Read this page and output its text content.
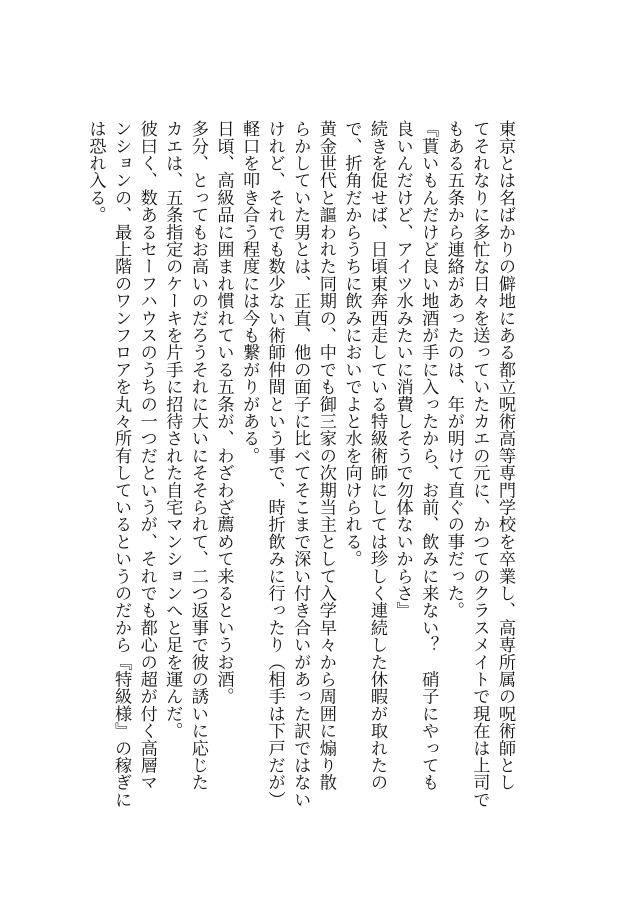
東京とは名ばかりの僻地にある都立呪術高等専門学校を卒業し、高専所属の呪術師とし
てそれなりに多忙な日々を送っていたカエの元に、かつてのクラスメイトで現在は上司で
もある五条から連絡があったのは、年が明けて直ぐの事だった。
『貰いもんだけど良い地酒が手に入ったから、お前、飲みに来ない？　硝子にやっても
良いんだけど、アイツ水みたいに消費しそうで勿体ないからさ』
続きを促せば、日頃東奔西走している特級術師にしては珍しく連続した休暇が取れたの
で、折角だからうちに飲みにおいでよと水を向けられる。
黄金世代と謳われた同期の、中でも御三家の次期当主として入学早々から周囲に煽り散
らかしていた男とは、正直、他の面子に比べてそこまで深い付き合いがあった訳ではない
けれど、それでも数少ない術師仲間という事で、時折飲みに行ったり（相手は下戸だが）
軽口を叩き合う程度には今も繋がりがある。
日頃、高級品に囲まれ慣れている五条が、わざわざ薦めて来るというお酒。
多分、とってもお高いのだろうそれに大いにそそられて、二つ返事で彼の誘いに応じた
カエは、五条指定のケーキを片手に招待された自宅マンションへと足を運んだ。
彼曰く、数あるセーフハウスのうちの一つだというが、それでも都心の超が付く高層マ
ンションの、最上階のワンフロアを丸々所有しているというのだから『特級様』の稼ぎに
は恐れ入る。
